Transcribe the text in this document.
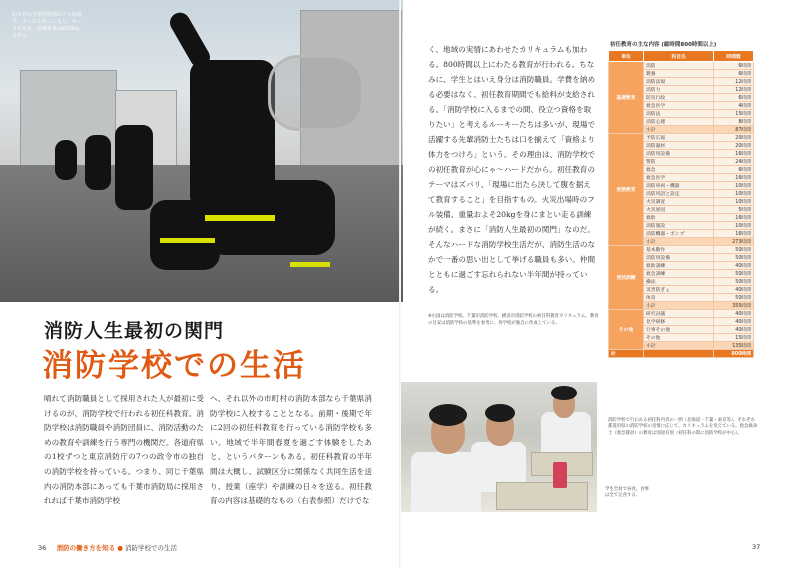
防火衣の空気呼吸器のフル装備で、ホースを持って走り、ホースを延長。装備重量は約20kgもある。
消防人生最初の関門
消防学校での生活

晴れて消防職員として採用された人が最初に受けるのが、消防学校で行われる初任科教育。消防学校は消防職員や消防団員に、消防活動のための教育や訓練を行う専門の機関だ。各道府県の1校ずつと東京消防庁の7つの政令市の独自の消防学校を持っている。つまり、同じ千葉県内の消防本部にあっても千葉市消防局に採用されれば千葉市消防学校

へ、それ以外の市町村の消防本部なら千葉県消防学校に入校することとなる。前期・後期で年に2回の初任科教育を行っている消防学校も多い。地域で半年間春夏を過ごす体験をしたあと、というパターンもある。初任科教育の半年間は大概し、試験区分に関係なく共同生活を送り、授業（座学）や訓練の日々を送る。初任教育の内容は基礎的なもの（右表参照）だけでな

く、地域の実情にあわせたカリキュラムも加わる。800時間以上にわたる教育が行われる。ちなみに、学生とはいえ身分は消防職員。学費を納める必要はなく、初任教育期間でも給料が支給される。「消防学校に入るまでの間、役立つ資格を取りたい」と考えるルーキーたちは多いが、現場で活躍する先輩消防士たちは口を揃えて「資格より体力をつけろ」という。その理由は、消防学校での初任教育が心にゃ～ハードだから。初任教育のテーマはズバリ、「現場に出たら決して腹を据えて教育すること」を目指すもの。火災出場時のフル装備、重量およそ20kgを身にまとい走る訓練が続く。まさに「消防人生最初の関門」なのだ。そんなハードな消防学校生活だが、消防生活のなかで一番の思い出として挙げる職員も多い。仲間とともに過ごす忘れられない半年間が持っている。

※右図は消防学校、千葉市消防学校、横浜市消防学校の初任科教育カリキュラム。教育の目安は消防学校の基準を参考に、各学校が独自に作成している。
初任教育の主な内容 (総時間800時間以上)
単位	科目名	時間数
基礎教育	消防	6時間
	教養	6時間
	消防法規	12時間
	消防力	12時間
	防災行政	6時間
	救急医学	4時間
	消防法	15時間
	消防心理	8時間
	小計	87時間
実務教育	予防広報	20時間
	消防器材	20時間
	消防用設備	16時間
	警防	24時間
	救急	6時間
	救急医学	16時間
	消防車両・機器	10時間
	消防用語と設定	10時間
	火災調査	10時間
	火災原因	5時間
	救助	16時間
	消防施設	10時間
	消防機器・ポンプ	16時間
	小計	273時間
実技訓練	基本動作	50時間
	消防用設備	50時間
	救助訓練	40時間
	救急訓練	50時間
	操法	50時間
	災害防ぎょ	40時間
	体育	50時間
	小計	355時間
その他	研究討議	40時間
	見学研修	40時間
	行事その他	40時間
	その他	15時間
	小計	135時間
計		800時間
消防学校で行われる初任科内容の一例（北海道・千葉・東京等）。それぞれ都道府県の消防学校の実情に応じて、カリキュラムを変えている。救急救命士（救急隊員）の教育は別途有別（初任科の間に消防学校が中心）。
学生全員で昼食。食事は全て完食する。
36 消防の働き方を知る ● 消防学校での生活	37
